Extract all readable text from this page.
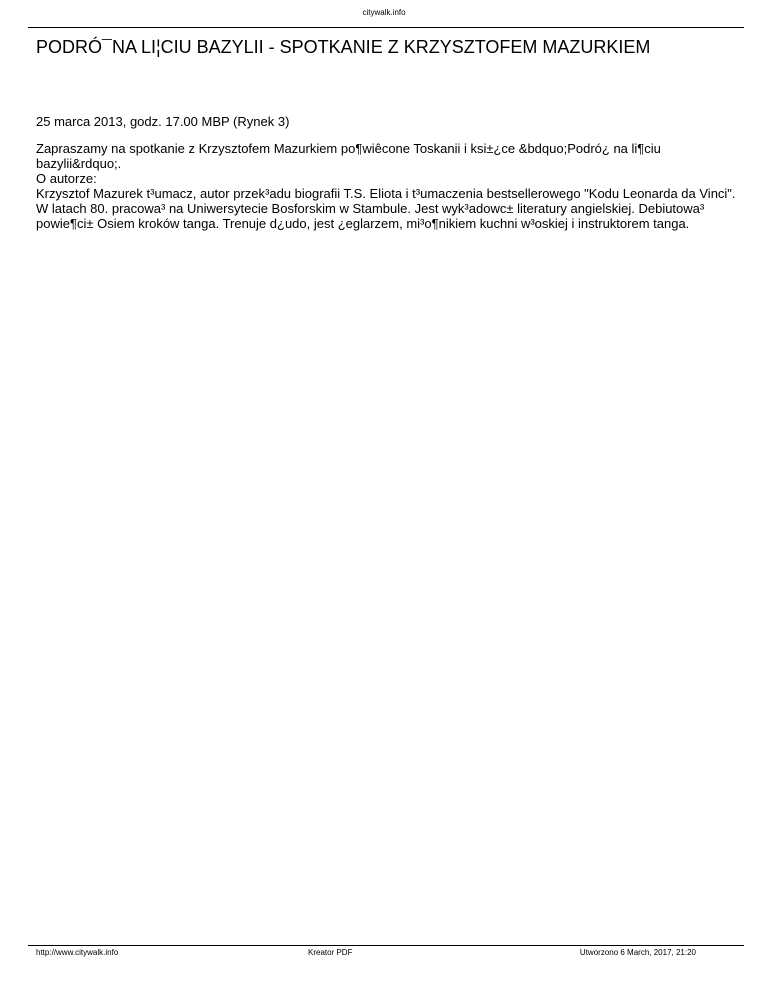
citywalk.info
PODRÓ¯NA LI¦CIU BAZYLII - SPOTKANIE Z KRZYSZTOFEM MAZURKIEM

25 marca 2013, godz. 17.00 MBP (Rynek 3)

Zapraszamy na spotkanie z Krzysztofem Mazurkiem po¶wiêcone Toskanii i ksi±¿ce &bdquo;Podró¿ na li¶ciu bazylii&rdquo;.

O autorze:

Krzysztof Mazurek t³umacz, autor przek³adu biografii T.S. Eliota i t³umaczenia bestsellerowego "Kodu Leonarda da Vinci". W latach 80. pracowa³ na Uniwersytecie Bosforskim w Stambule. Jest wyk³adowc± literatury angielskiej. Debiutowa³ powie¶ci± Osiem kroków tanga. Trenuje d¿udo, jest ¿eglarzem, mi³o¶nikiem kuchni w³oskiej i instruktorem tanga.

http://www.citywalk.info	Kreator PDF	Utworzono 6 March, 2017, 21:20
